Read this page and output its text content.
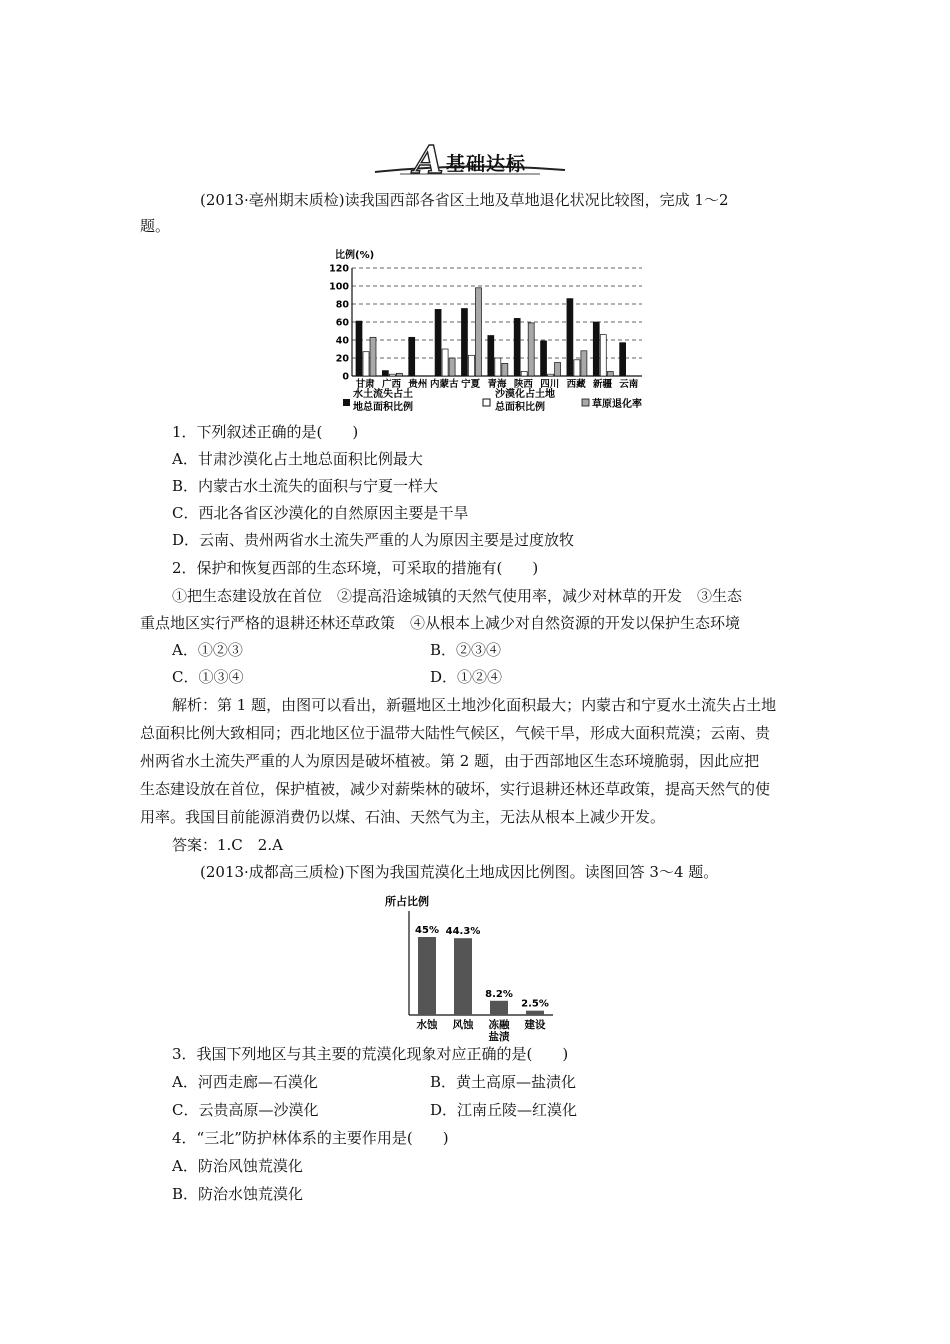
A 基础达标
(2013·亳州期末质检)读我国西部各省区土地及草地退化状况比较图，完成 1～2
题。
比例(%)
0
20
40
60
80
100
120
甘肃 广西 贵州 内蒙古 宁夏 青海 陕西 四川 西藏 新疆 云南
水土流失占土
地总面积比例
沙漠化占土地
总面积比例	草原退化率
1．下列叙述正确的是(　　)
A．甘肃沙漠化占土地总面积比例最大
B．内蒙古水土流失的面积与宁夏一样大
C．西北各省区沙漠化的自然原因主要是干旱
D．云南、贵州两省水土流失严重的人为原因主要是过度放牧
2．保护和恢复西部的生态环境，可采取的措施有(　　)
①把生态建设放在首位　②提高沿途城镇的天然气使用率，减少对林草的开发　③生态
重点地区实行严格的退耕还林还草政策　④从根本上减少对自然资源的开发以保护生态环境
A．①②③	B．②③④
C．①③④	D．①②④
解析：第 1 题，由图可以看出，新疆地区土地沙化面积最大；内蒙古和宁夏水土流失占土地
总面积比例大致相同；西北地区位于温带大陆性气候区，气候干旱，形成大面积荒漠；云南、贵
州两省水土流失严重的人为原因是破坏植被。第 2 题，由于西部地区生态环境脆弱，因此应把
生态建设放在首位，保护植被，减少对薪柴林的破坏，实行退耕还林还草政策，提高天然气的使
用率。我国目前能源消费仍以煤、石油、天然气为主，无法从根本上减少开发。
答案：1.C　2.A
(2013·成都高三质检)下图为我国荒漠化土地成因比例图。读图回答 3～4 题。
所占比例
45% 44.3%
8.2%
2.5%
水蚀 风蚀 冻融
盐渍
建设
3．我国下列地区与其主要的荒漠化现象对应正确的是(　　)
A．河西走廊—石漠化	B．黄土高原—盐渍化
C．云贵高原—沙漠化	D．江南丘陵—红漠化
4．“三北”防护林体系的主要作用是(　　)
A．防治风蚀荒漠化
B．防治水蚀荒漠化
